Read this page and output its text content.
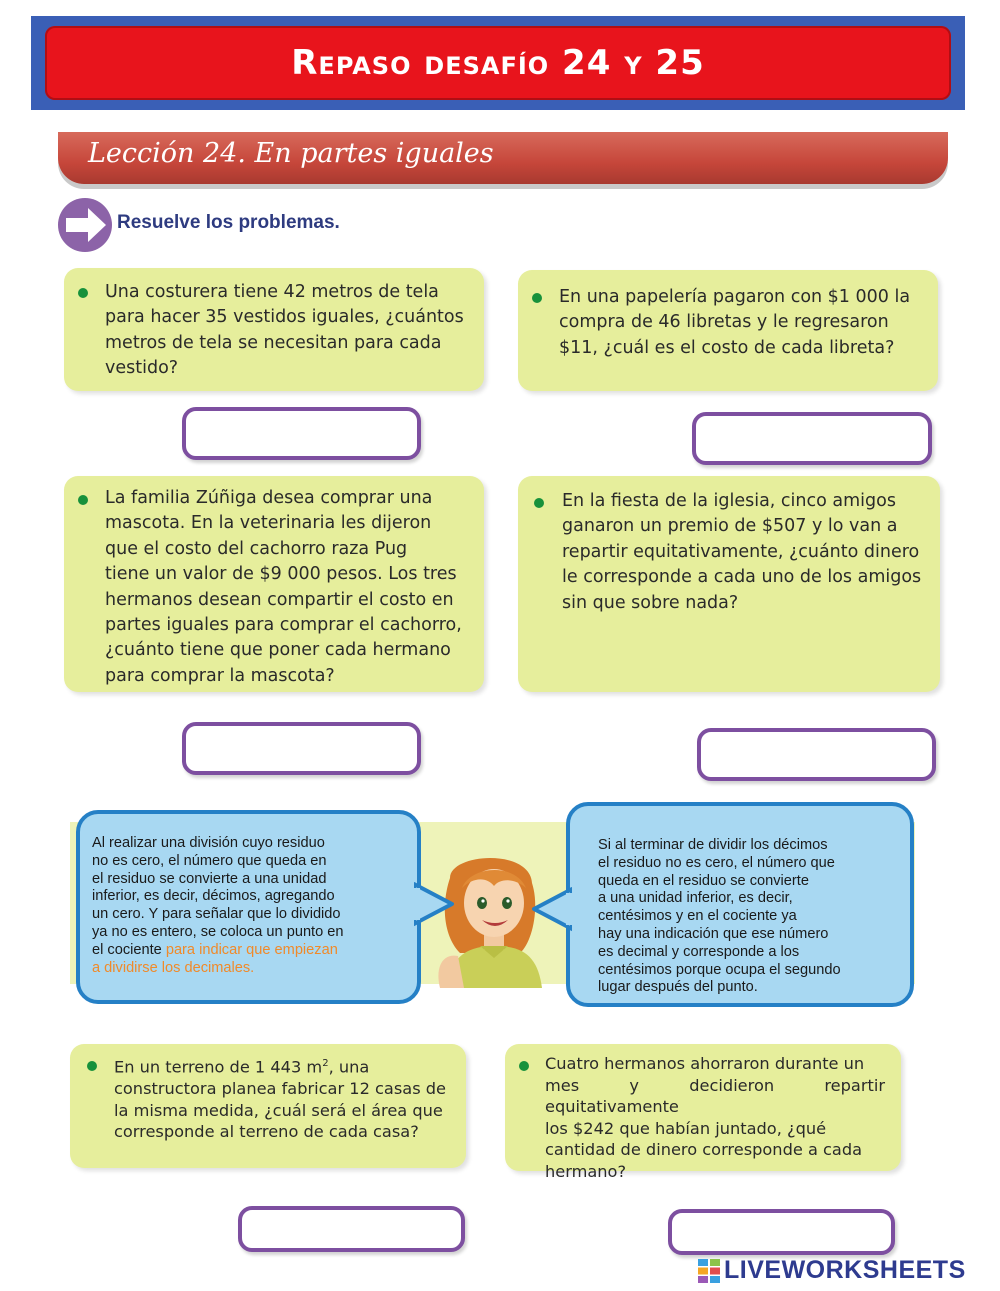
Repaso desafío 24 y 25
Lección 24. En partes iguales
Resuelve los problemas.
Una costurera tiene 42 metros de tela
para hacer 35 vestidos iguales, ¿cuántos
metros de tela se necesitan para cada
vestido?
En una papelería pagaron con $1 000 la
compra de 46 libretas y le regresaron
$11, ¿cuál es el costo de cada libreta?
La familia Zúñiga desea comprar una
mascota. En la veterinaria les dijeron
que el costo del cachorro raza Pug
tiene un valor de $9 000 pesos. Los tres
hermanos desean compartir el costo en
partes iguales para comprar el cachorro,
¿cuánto tiene que poner cada hermano
para comprar la mascota?
En la fiesta de la iglesia, cinco amigos
ganaron un premio de $507 y lo van a
repartir equitativamente, ¿cuánto dinero
le corresponde a cada uno de los amigos
sin que sobre nada?
Al realizar una división cuyo residuo
no es cero, el número que queda en
el residuo se convierte a una unidad
inferior, es decir, décimos, agregando
un cero. Y para señalar que lo dividido
ya no es entero, se coloca un punto en
el cociente para indicar que empiezan
a dividirse los decimales.
Si al terminar de dividir los décimos
el residuo no es cero, el número que
queda en el residuo se convierte
a una unidad inferior, es decir,
centésimos y en el cociente ya
hay una indicación que ese número
es decimal y corresponde a los
centésimos porque ocupa el segundo
lugar después del punto.
En un terreno de 1 443 $m^2$, una
constructora planea fabricar 12 casas de
la misma medida, ¿cuál será el área que
corresponde al terreno de cada casa?
Cuatro hermanos ahorraron durante un
mes y decidieron repartir equitativamente
los $242 que habían juntado, ¿qué
cantidad de dinero corresponde a cada
hermano?
LIVEWORKSHEETS
